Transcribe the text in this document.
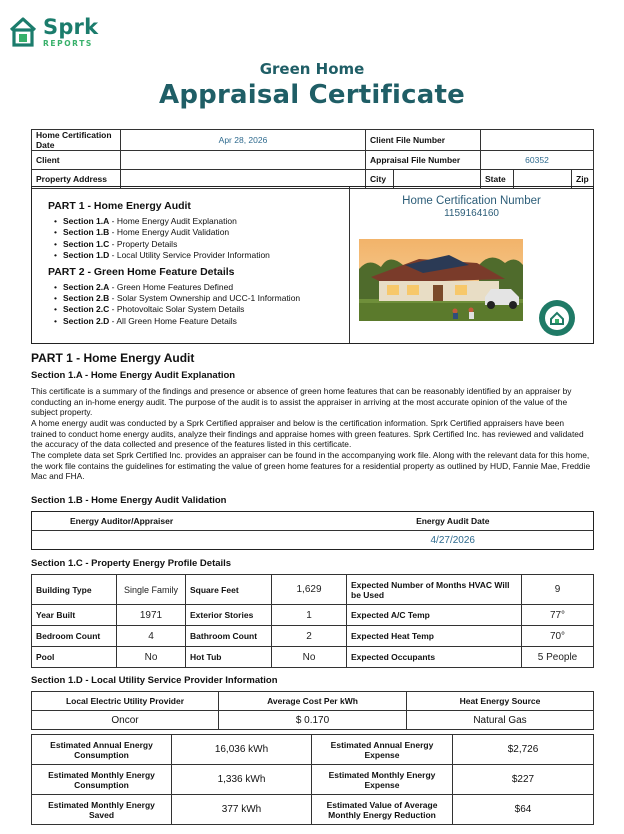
Sprk
REPORTS
Green Home
Appraisal Certificate
Home Certification Date	Apr 28, 2026	Client File Number				
Client		Appraisal File Number		60352		
Property Address		City		State		Zip
PART 1 - Home Energy Audit
• Section 1.A - Home Energy Audit Explanation
• Section 1.B - Home Energy Audit Validation
• Section 1.C - Property Details
• Section 1.D - Local Utility Service Provider Information
PART 2 - Green Home Feature Details
• Section 2.A - Green Home Features Defined
• Section 2.B - Solar System Ownership and UCC-1 Information
• Section 2.C - Photovoltaic Solar System Details
• Section 2.D - All Green Home Feature Details
Home Certification Number
1159164160
PART 1 - Home Energy Audit
Section 1.A - Home Energy Audit Explanation
This certificate is a summary of the findings and presence or absence of green home features that can be reasonably identified by an appraiser by conducting an in-home energy audit. The purpose of the audit is to assist the appraiser in arriving at the most accurate opinion of the value of the subject property.
A home energy audit was conducted by a Sprk Certified appraiser and below is the certification information. Sprk Certified appraisers have been trained to conduct home energy audits, analyze their findings and appraise homes with green features. Sprk Certified Inc. has reviewed and validated the accuracy of the data collected and presence of the features listed in this certificate.
The complete data set Sprk Certified Inc. provides an appraiser can be found in the accompanying work file. Along with the relevant data for this home, the work file contains the guidelines for estimating the value of green home features for a residential property as outlined by HUD, Fannie Mae, Freddie Mac and FHA.
Section 1.B - Home Energy Audit Validation
Energy Auditor/Appraiser	Energy Audit Date
	4/27/2026
Section 1.C - Property Energy Profile Details
Building Type	Single Family	Square Feet	1,629	Expected Number of Months HVAC Will be Used	9
Year Built	1971	Exterior Stories	1	Expected A/C Temp	77°
Bedroom Count	4	Bathroom Count	2	Expected Heat Temp	70°
Pool	No	Hot Tub	No	Expected Occupants	5 People
Section 1.D - Local Utility Service Provider Information
Local Electric Utility Provider	Average Cost Per kWh	Heat Energy Source
Oncor	$ 0.170	Natural Gas
Estimated Annual Energy Consumption	16,036 kWh	Estimated Annual Energy Expense	$2,726
Estimated Monthly Energy Consumption	1,336 kWh	Estimated Monthly Energy Expense	$227
Estimated Monthly Energy Saved	377 kWh	Estimated Value of Average Monthly Energy Reduction	$64
